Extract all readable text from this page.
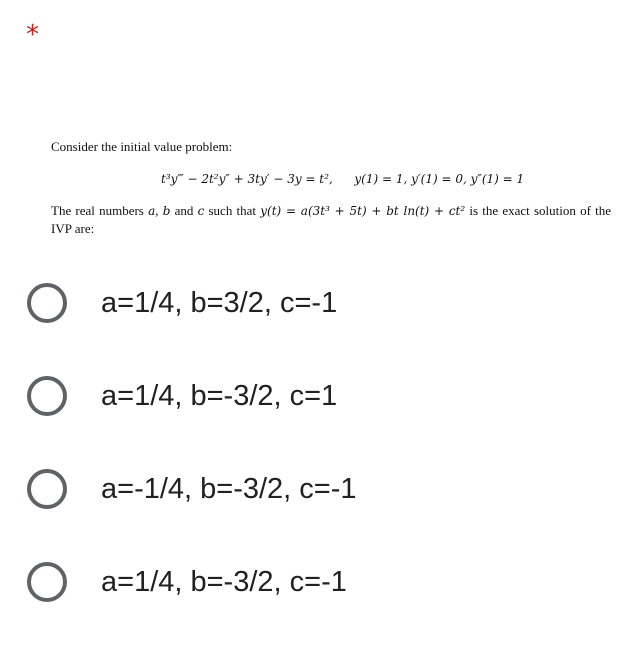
*

Consider the initial value problem:

t³y‴ − 2t²y″ + 3ty′ − 3y = t², y(1) = 1, y′(1) = 0, y″(1) = 1

The real numbers a, b and c such that y(t) = a(3t³ + 5t) + bt ln(t) + ct² is the exact solution of the IVP are:

a=1/4, b=3/2, c=-1
a=1/4, b=-3/2, c=1
a=-1/4, b=-3/2, c=-1
a=1/4, b=-3/2, c=-1
